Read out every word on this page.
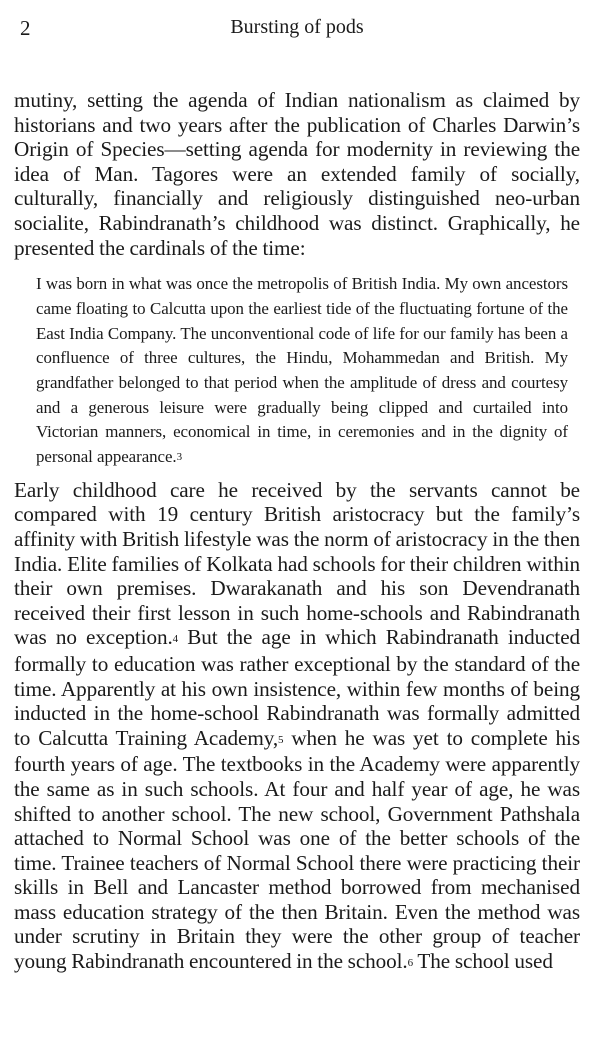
2	Bursting of pods

mutiny, setting the agenda of Indian nationalism as claimed by historians and two years after the publication of Charles Darwin’s Origin of Species—setting agenda for modernity in reviewing the idea of Man. Tagores were an extended family of socially, culturally, financially and religiously distinguished neo-urban socialite, Rabindranath’s childhood was distinct. Graphically, he presented the cardinals of the time:

I was born in what was once the metropolis of British India. My own ancestors came floating to Calcutta upon the earliest tide of the fluctuating fortune of the East India Company. The unconventional code of life for our family has been a confluence of three cultures, the Hindu, Mohammedan and British. My grandfather belonged to that period when the amplitude of dress and courtesy and a generous leisure were gradually being clipped and curtailed into Victorian manners, economical in time, in ceremonies and in the dignity of personal appearance.3

Early childhood care he received by the servants cannot be compared with 19 century British aristocracy but the family’s affinity with British lifestyle was the norm of aristocracy in the then India. Elite families of Kolkata had schools for their children within their own premises. Dwarakanath and his son Devendranath received their first lesson in such home-schools and Rabindranath was no exception.4 But the age in which Rabindranath inducted formally to education was rather exceptional by the standard of the time. Apparently at his own insistence, within few months of being inducted in the home-school Rabindranath was formally admitted to Calcutta Training Academy,5 when he was yet to complete his fourth years of age. The textbooks in the Academy were apparently the same as in such schools. At four and half year of age, he was shifted to another school. The new school, Government Pathshala attached to Normal School was one of the better schools of the time. Trainee teachers of Normal School there were practicing their skills in Bell and Lancaster method borrowed from mechanised mass education strategy of the then Britain. Even the method was under scrutiny in Britain they were the other group of teacher young Rabindranath encountered in the school.6 The school used
